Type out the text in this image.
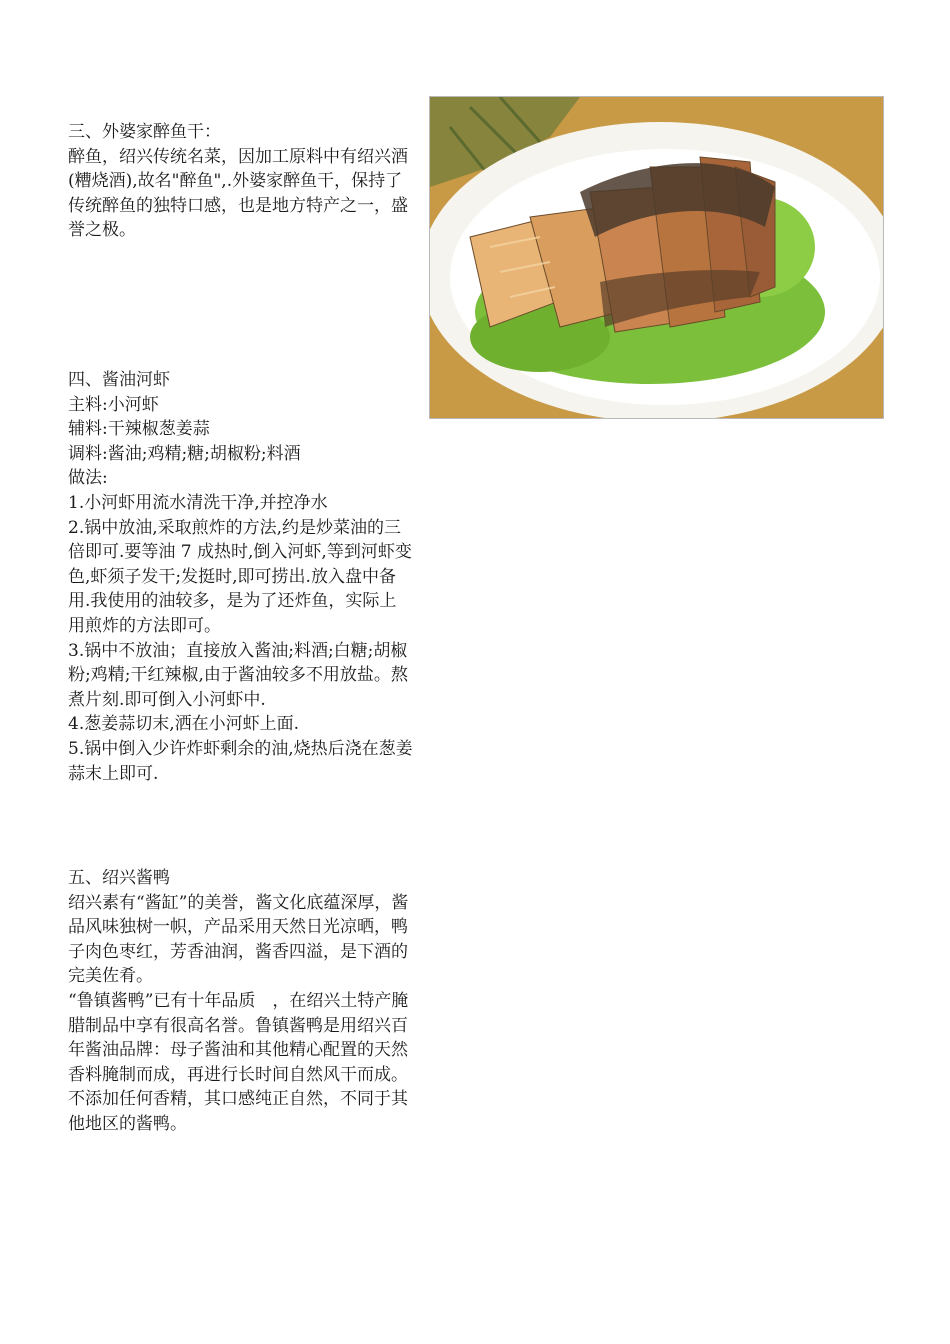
三、外婆家醉鱼干：

醉鱼，绍兴传统名菜，因加工原料中有绍兴酒(糟烧酒),故名"醉鱼",.外婆家醉鱼干，保持了传统醉鱼的独特口感，也是地方特产之一，盛誉之极。

四、酱油河虾

主料:小河虾

辅料:干辣椒葱姜蒜

调料:酱油;鸡精;糖;胡椒粉;料酒

做法:

1.小河虾用流水清洗干净,并控净水

2.锅中放油,采取煎炸的方法,约是炒菜油的三倍即可.要等油 7 成热时,倒入河虾,等到河虾变色,虾须子发干;发挺时,即可捞出.放入盘中备用.我使用的油较多，是为了还炸鱼，实际上用煎炸的方法即可。

3.锅中不放油；直接放入酱油;料酒;白糖;胡椒粉;鸡精;干红辣椒,由于酱油较多不用放盐。熬煮片刻.即可倒入小河虾中.

4.葱姜蒜切末,洒在小河虾上面.

5.锅中倒入少许炸虾剩余的油,烧热后浇在葱姜蒜末上即可.

五、绍兴酱鸭

绍兴素有“酱缸”的美誉，酱文化底蕴深厚，酱品风味独树一帜，产品采用天然日光凉晒，鸭子肉色枣红，芳香油润，酱香四溢，是下酒的完美佐肴。

“鲁镇酱鸭”已有十年品质　，在绍兴土特产腌腊制品中享有很高名誉。鲁镇酱鸭是用绍兴百年酱油品牌：母子酱油和其他精心配置的天然香料腌制而成，再进行长时间自然风干而成。不添加任何香精，其口感纯正自然，不同于其他地区的酱鸭。
